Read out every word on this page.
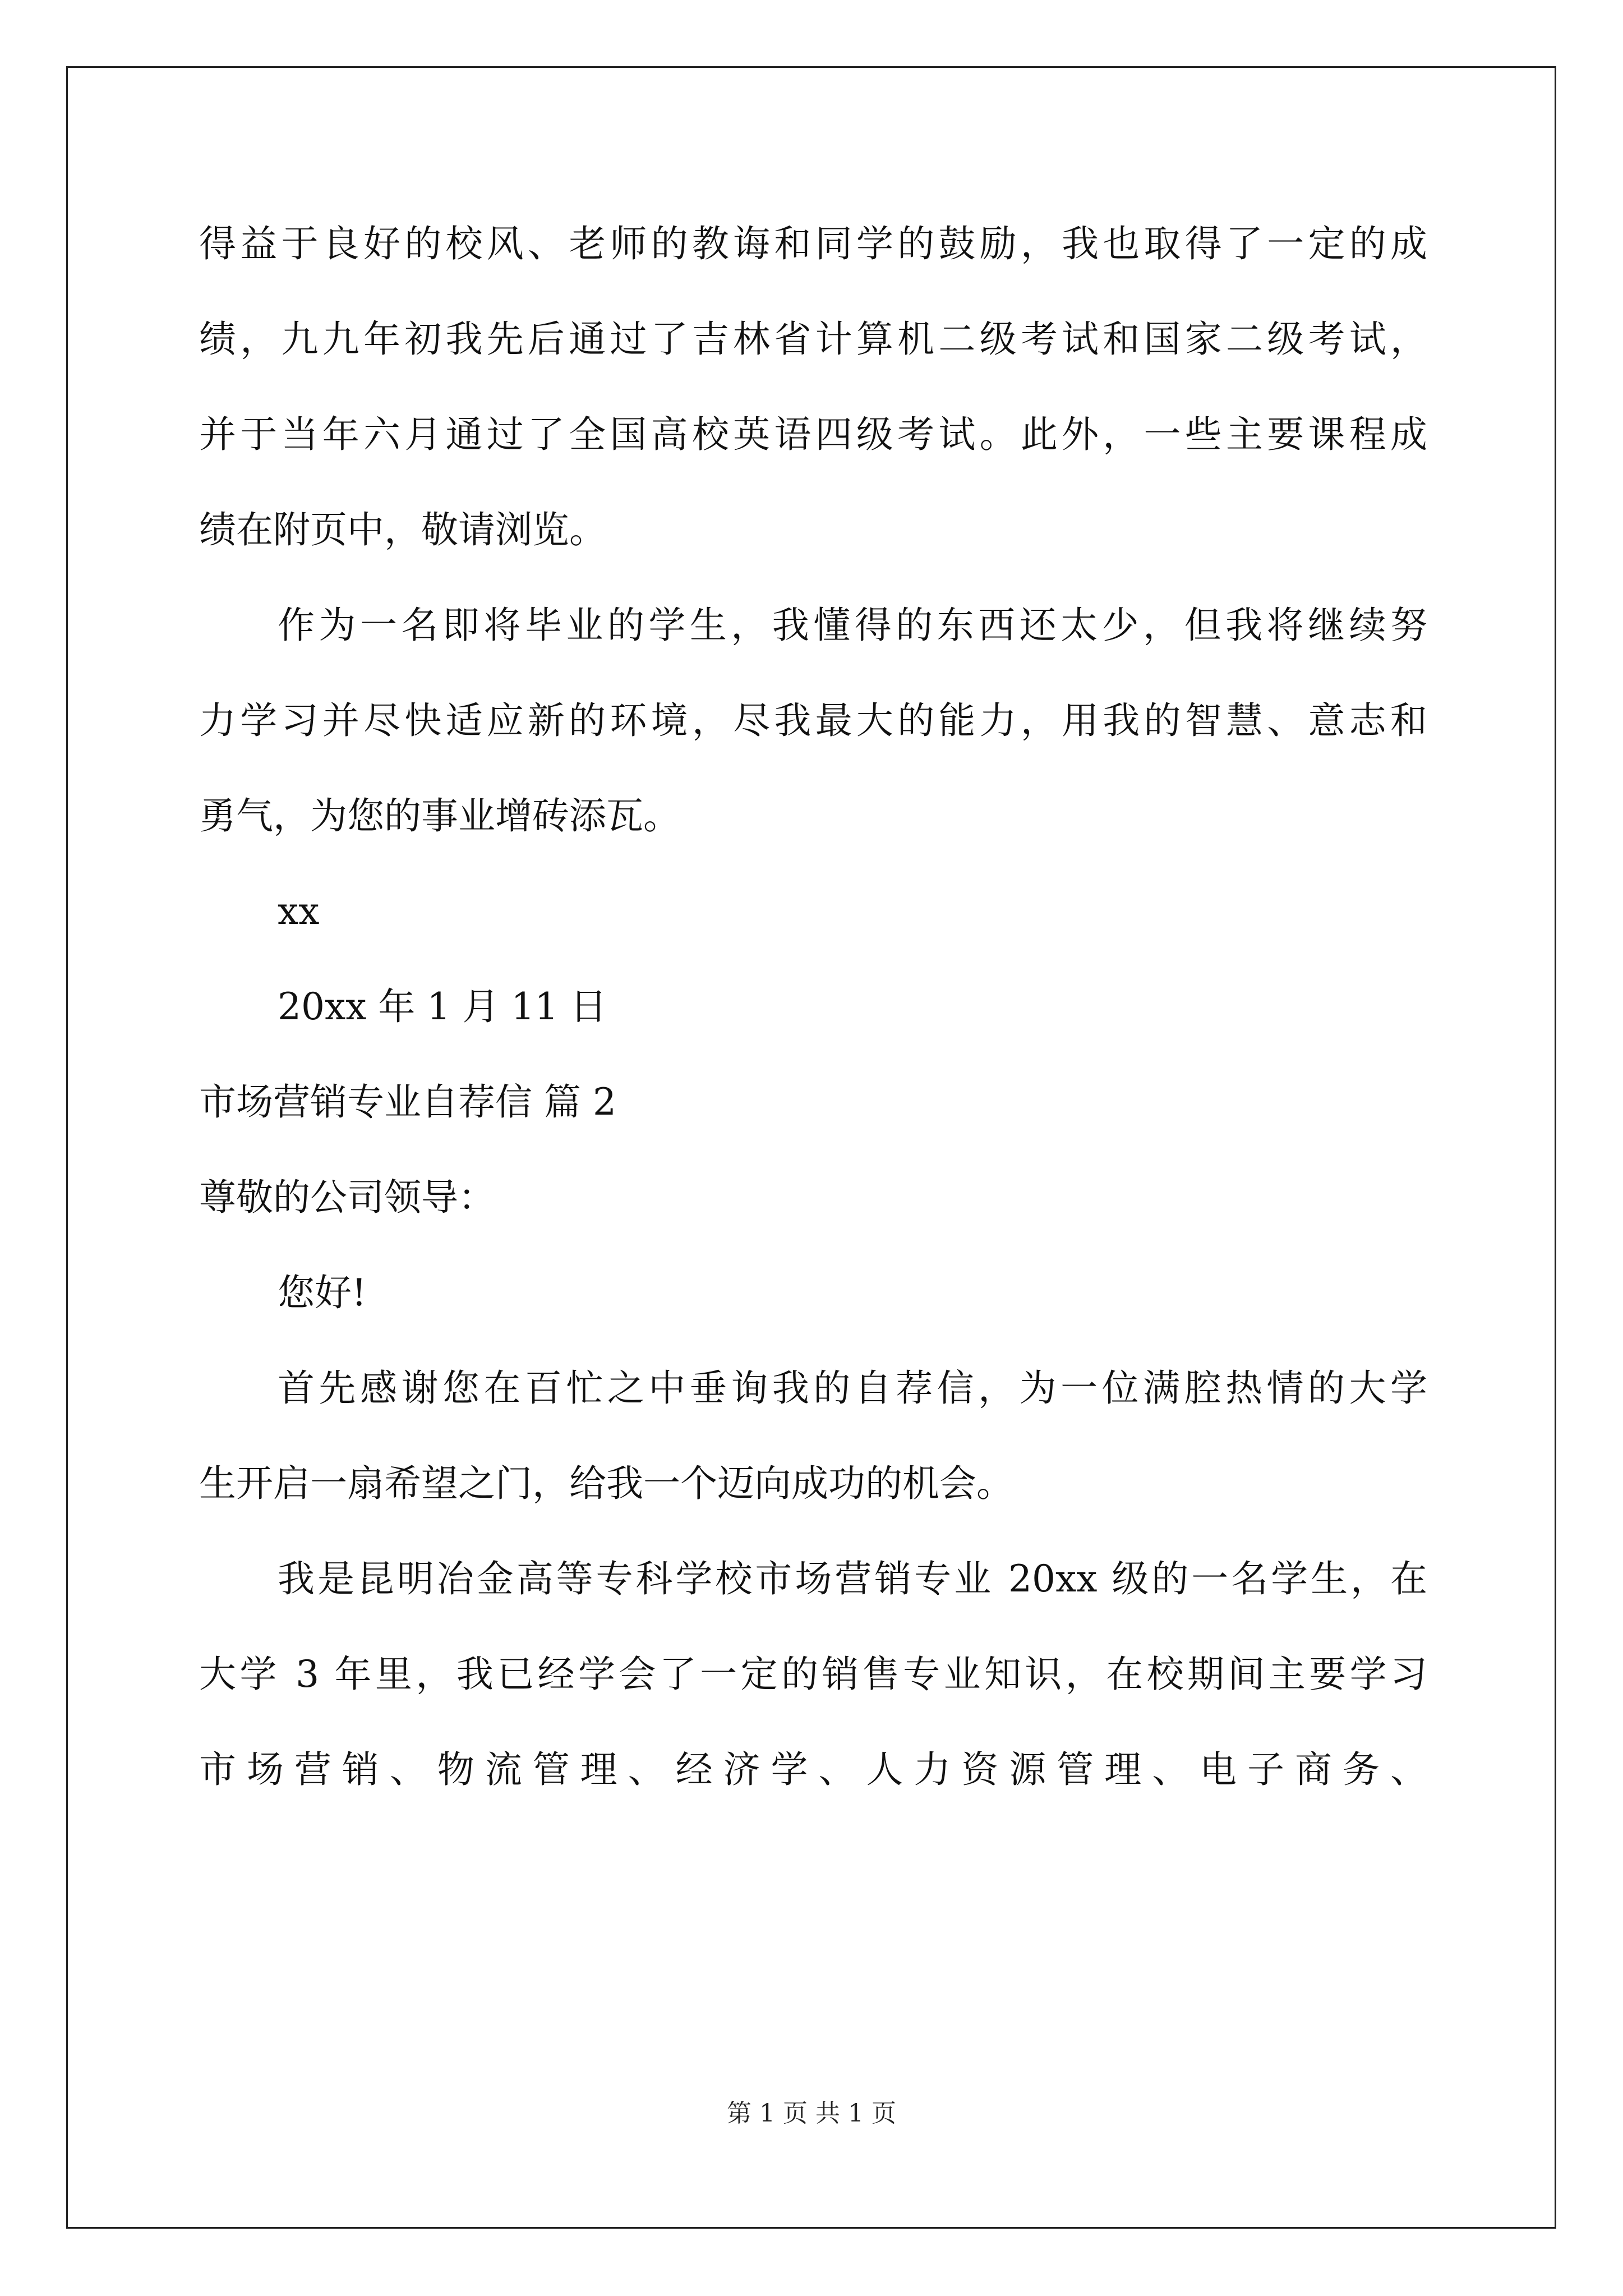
得益于良好的校风、老师的教诲和同学的鼓励，我也取得了一定的成
绩，九九年初我先后通过了吉林省计算机二级考试和国家二级考试，
并于当年六月通过了全国高校英语四级考试。此外，一些主要课程成
绩在附页中，敬请浏览。
作为一名即将毕业的学生，我懂得的东西还太少，但我将继续努
力学习并尽快适应新的环境，尽我最大的能力，用我的智慧、意志和
勇气，为您的事业增砖添瓦。
xx
20xx 年 1 月 11 日
市场营销专业自荐信 篇 2
尊敬的公司领导：
您好!
首先感谢您在百忙之中垂询我的自荐信，为一位满腔热情的大学
生开启一扇希望之门，给我一个迈向成功的机会。
我是昆明冶金高等专科学校市场营销专业 20xx 级的一名学生，在
大学 3 年里，我已经学会了一定的销售专业知识，在校期间主要学习
市场营销、物流管理、经济学、人力资源管理、电子商务、
第 1 页 共 1 页
